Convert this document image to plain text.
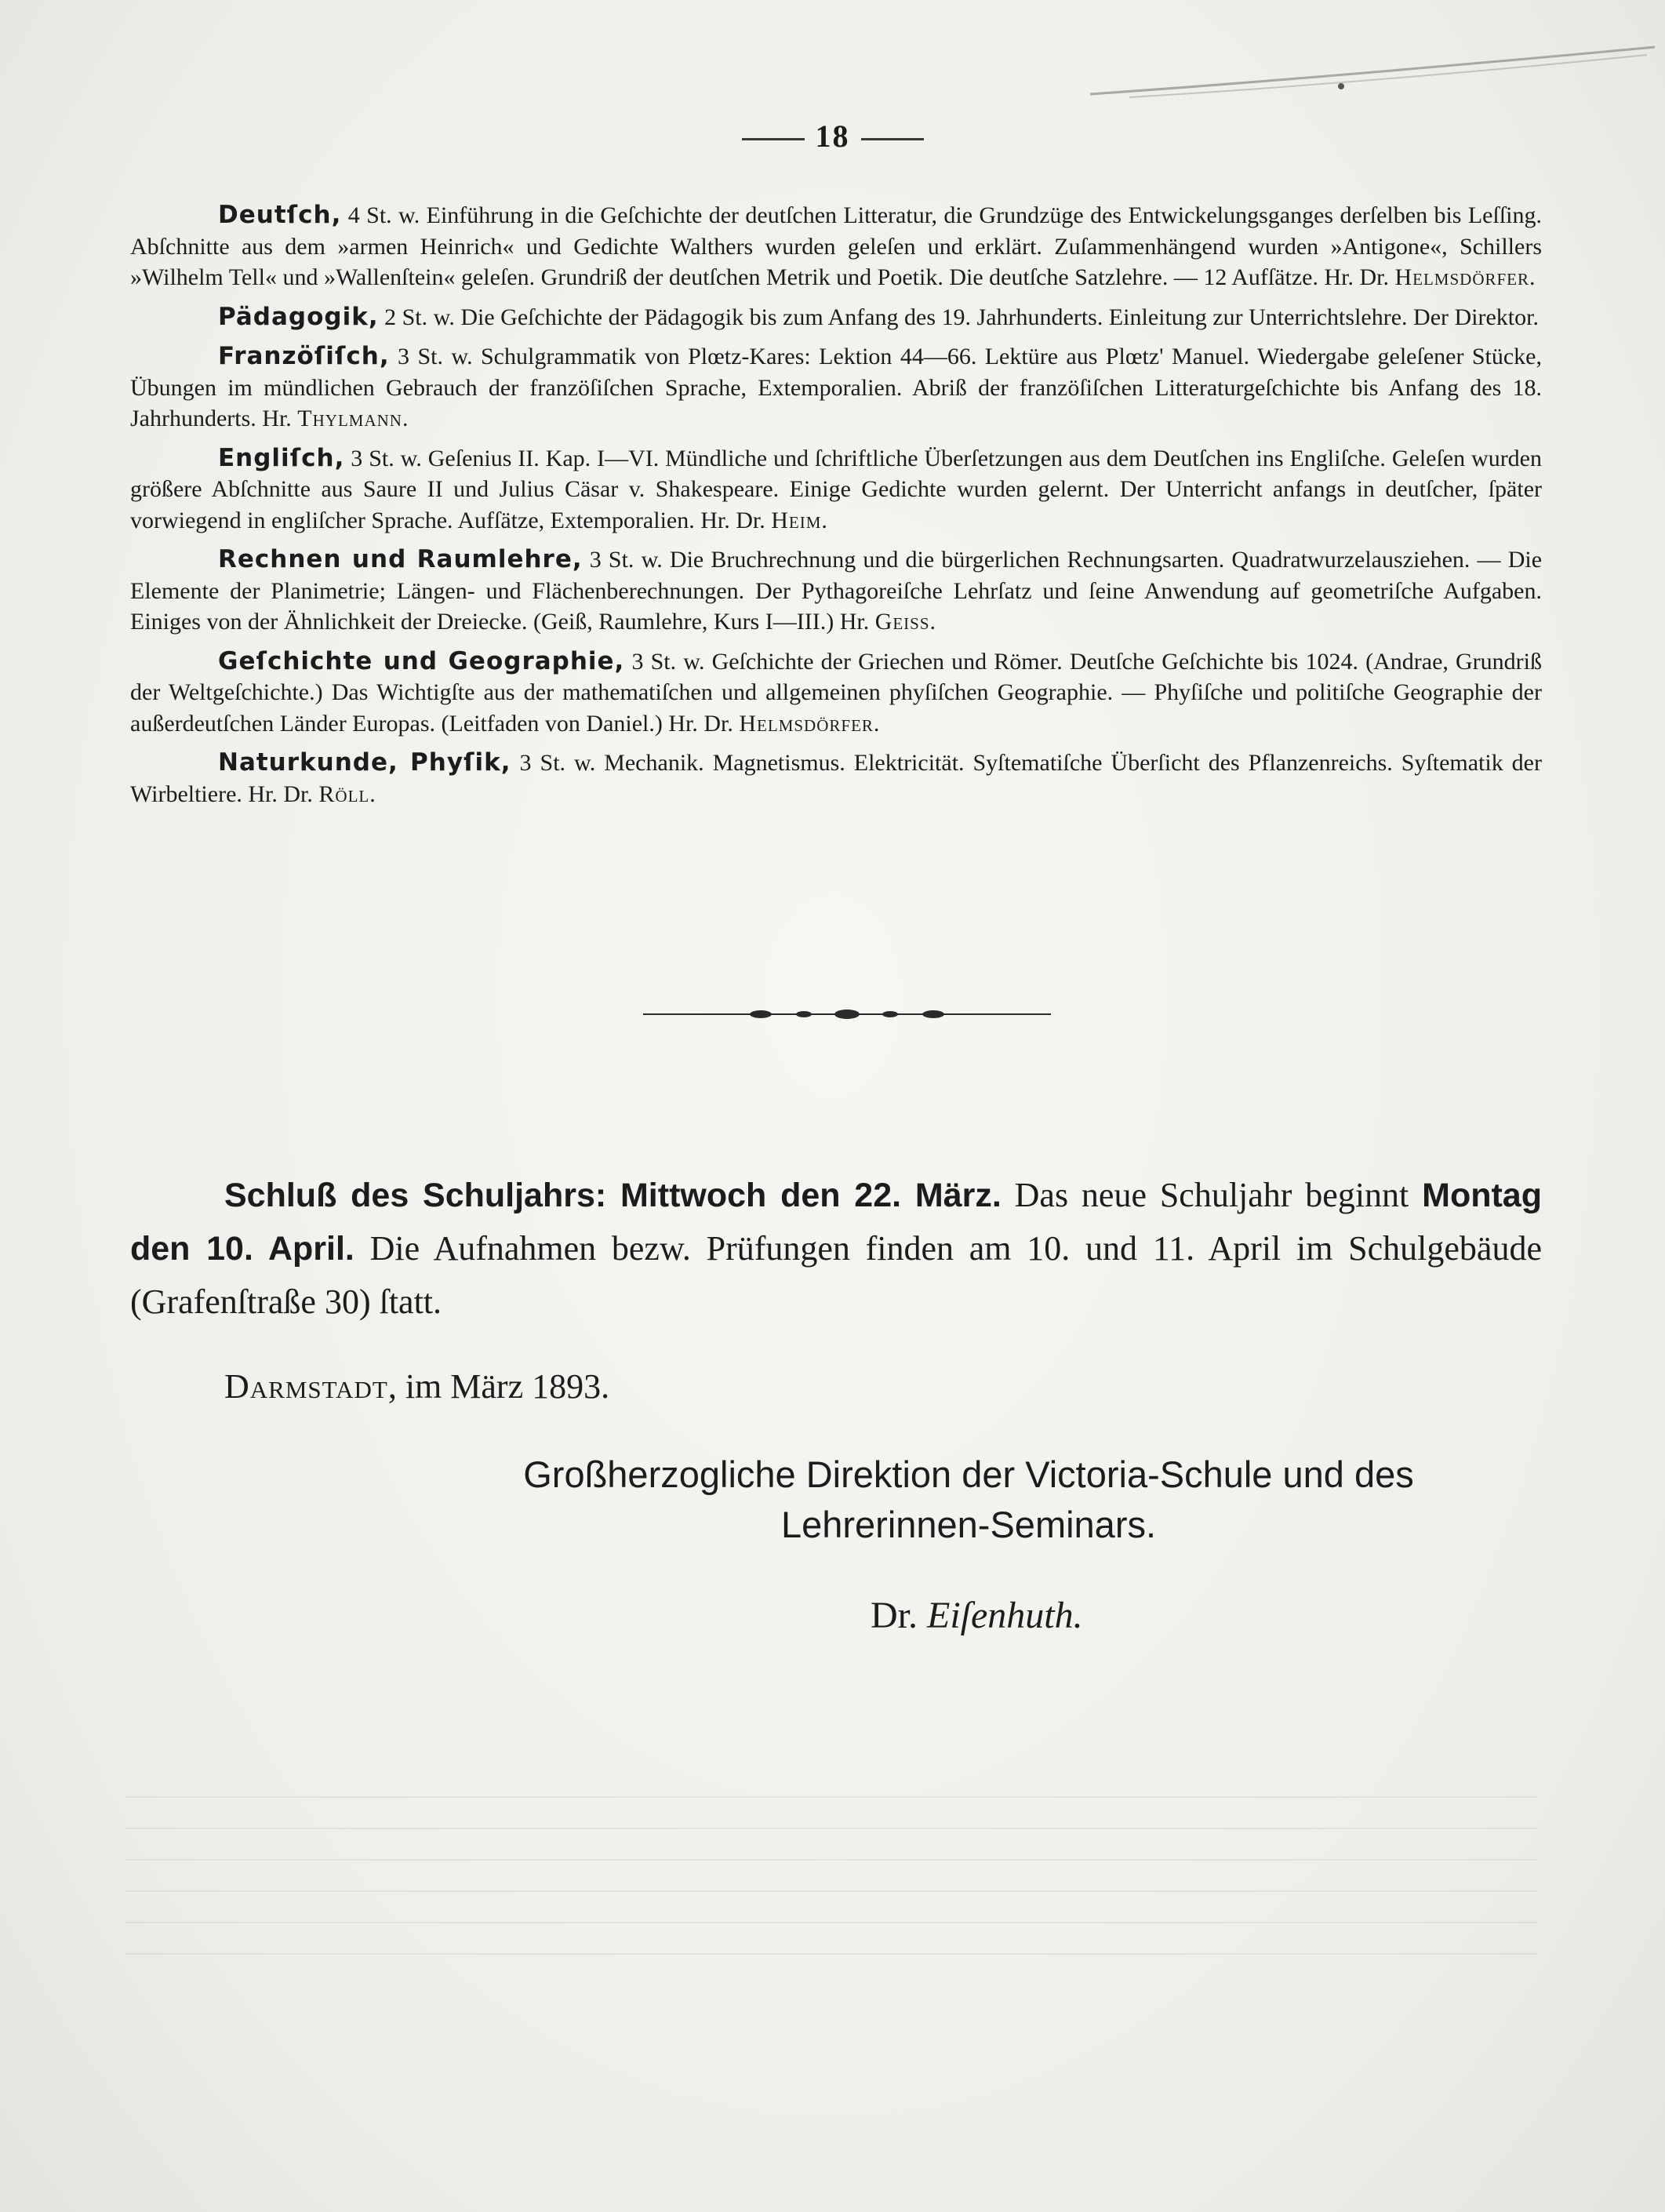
18

Deutſch, 4 St. w. Einführung in die Geſchichte der deutſchen Litteratur, die Grundzüge des Entwickelungsganges derſelben bis Leſſing. Abſchnitte aus dem »armen Heinrich« und Gedichte Walthers wurden geleſen und erklärt. Zuſammenhängend wurden »Antigone«, Schillers »Wilhelm Tell« und »Wallenſtein« geleſen. Grundriß der deutſchen Metrik und Poetik. Die deutſche Satzlehre. — 12 Aufſätze. Hr. Dr. Helmsdörfer.

Pädagogik, 2 St. w. Die Geſchichte der Pädagogik bis zum Anfang des 19. Jahrhunderts. Einleitung zur Unterrichtslehre. Der Direktor.

Franzöſiſch, 3 St. w. Schulgrammatik von Plœtz-Kares: Lektion 44—66. Lektüre aus Plœtz' Manuel. Wiedergabe geleſener Stücke, Übungen im mündlichen Gebrauch der franzöſiſchen Sprache, Extemporalien. Abriß der franzöſiſchen Litteraturgeſchichte bis Anfang des 18. Jahrhunderts. Hr. Thylmann.

Engliſch, 3 St. w. Geſenius II. Kap. I—VI. Mündliche und ſchriftliche Überſetzungen aus dem Deutſchen ins Engliſche. Geleſen wurden größere Abſchnitte aus Saure II und Julius Cäsar v. Shakespeare. Einige Gedichte wurden gelernt. Der Unterricht anfangs in deutſcher, ſpäter vorwiegend in engliſcher Sprache. Aufſätze, Extemporalien. Hr. Dr. Heim.

Rechnen und Raumlehre, 3 St. w. Die Bruchrechnung und die bürgerlichen Rechnungsarten. Quadratwurzelausziehen. — Die Elemente der Planimetrie; Längen- und Flächenberechnungen. Der Pythagoreiſche Lehrſatz und ſeine Anwendung auf geometriſche Aufgaben. Einiges von der Ähnlichkeit der Dreiecke. (Geiß, Raumlehre, Kurs I—III.) Hr. Geiss.

Geſchichte und Geographie, 3 St. w. Geſchichte der Griechen und Römer. Deutſche Geſchichte bis 1024. (Andrae, Grundriß der Weltgeſchichte.) Das Wichtigſte aus der mathematiſchen und allgemeinen phyſiſchen Geographie. — Phyſiſche und politiſche Geographie der außerdeutſchen Länder Europas. (Leitfaden von Daniel.) Hr. Dr. Helmsdörfer.

Naturkunde, Phyſik, 3 St. w. Mechanik. Magnetismus. Elektricität. Syſtematiſche Überſicht des Pflanzenreichs. Syſtematik der Wirbeltiere. Hr. Dr. Röll.

Schluß des Schuljahrs: Mittwoch den 22. März. Das neue Schuljahr beginnt Montag den 10. April. Die Aufnahmen bezw. Prüfungen finden am 10. und 11. April im Schulgebäude (Grafenſtraße 30) ſtatt.

Darmstadt, im März 1893.
Großherzogliche Direktion der Victoria-Schule und des
Lehrerinnen-Seminars.
Dr. Eiſenhuth.
